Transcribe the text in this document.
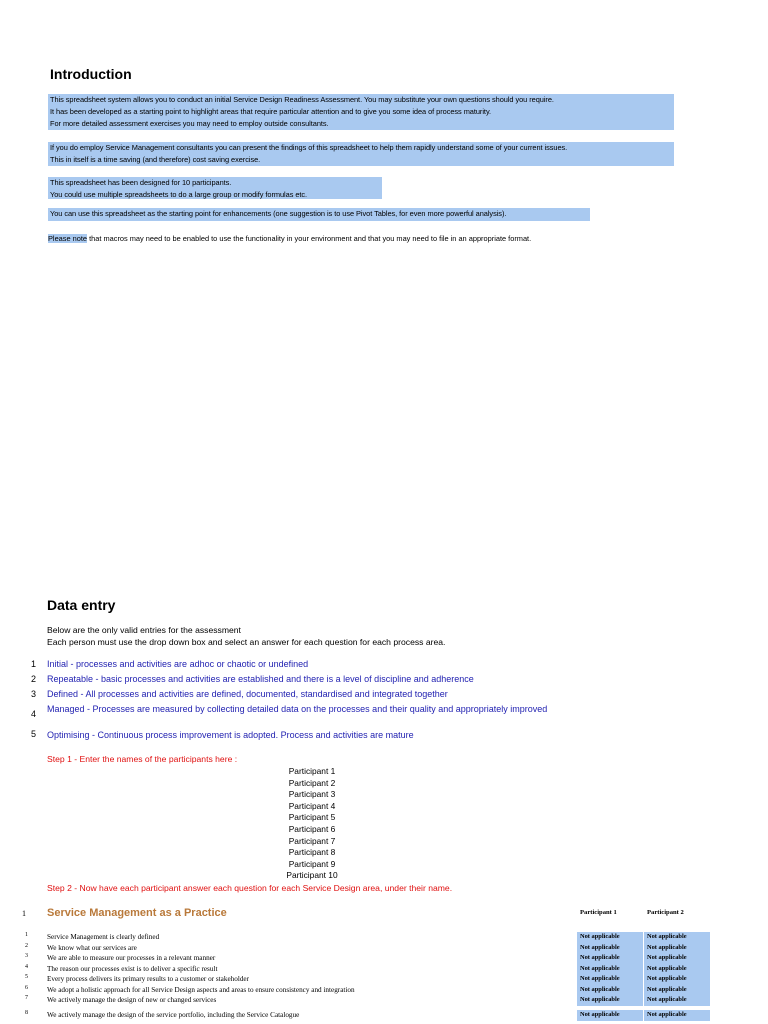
Introduction
This spreadsheet system allows you to conduct an initial Service Design Readiness Assessment. You may substitute your own questions should you require.
It has been developed as a starting point to highlight areas that require particular attention and to give you some idea of process maturity.
For more detailed assessment exercises you may need to employ outside consultants.
If you do employ Service Management consultants you can present the findings of this spreadsheet to help them rapidly understand some of your current issues.
This in itself is a time saving (and therefore) cost saving exercise.
This spreadsheet has been designed for 10 participants.
You could use multiple spreadsheets to do a large group or modify formulas etc.
You can use this spreadsheet as the starting point for enhancements (one suggestion is to use Pivot Tables, for even more powerful analysis).
Please note that macros may need to be enabled to use the functionality in your environment and that you may need to file in an appropriate format.
Data entry
Below are the only valid entries for the assessment
Each person must use the drop down box and select an answer for each question for each process area.
1 Initial - processes and activities are adhoc or chaotic or undefined
2 Repeatable - basic processes and activities are established and there is a level of discipline and adherence
3 Defined - All processes and activities are defined, documented, standardised and integrated together
4 Managed - Processes are measured by collecting detailed data on the processes and their quality and appropriately improved
5 Optimising - Continuous process improvement is adopted. Process and activities are mature
Step 1 - Enter the names of the participants here :
Participant 1
Participant 2
Participant 3
Participant 4
Participant 5
Participant 6
Participant 7
Participant 8
Participant 9
Participant 10
Step 2 - Now have each participant answer each question for each Service Design area, under their name.
1 Service Management as a Practice	Participant 1	Participant 2
1	Service Management is clearly defined	Not applicable	Not applicable
2	We know what our services are	Not applicable	Not applicable
3	We are able to measure our processes in a relevant manner	Not applicable	Not applicable
4	The reason our processes exist is to deliver a specific result	Not applicable	Not applicable
5	Every process delivers its primary results to a customer or stakeholder	Not applicable	Not applicable
6	We adopt a holistic approach for all Service Design aspects and areas to ensure consistency and integration	Not applicable	Not applicable
7	We actively manage the design of new or changed services	Not applicable	Not applicable
8	We actively manage the design of the service portfolio, including the Service Catalogue	Not applicable	Not applicable
